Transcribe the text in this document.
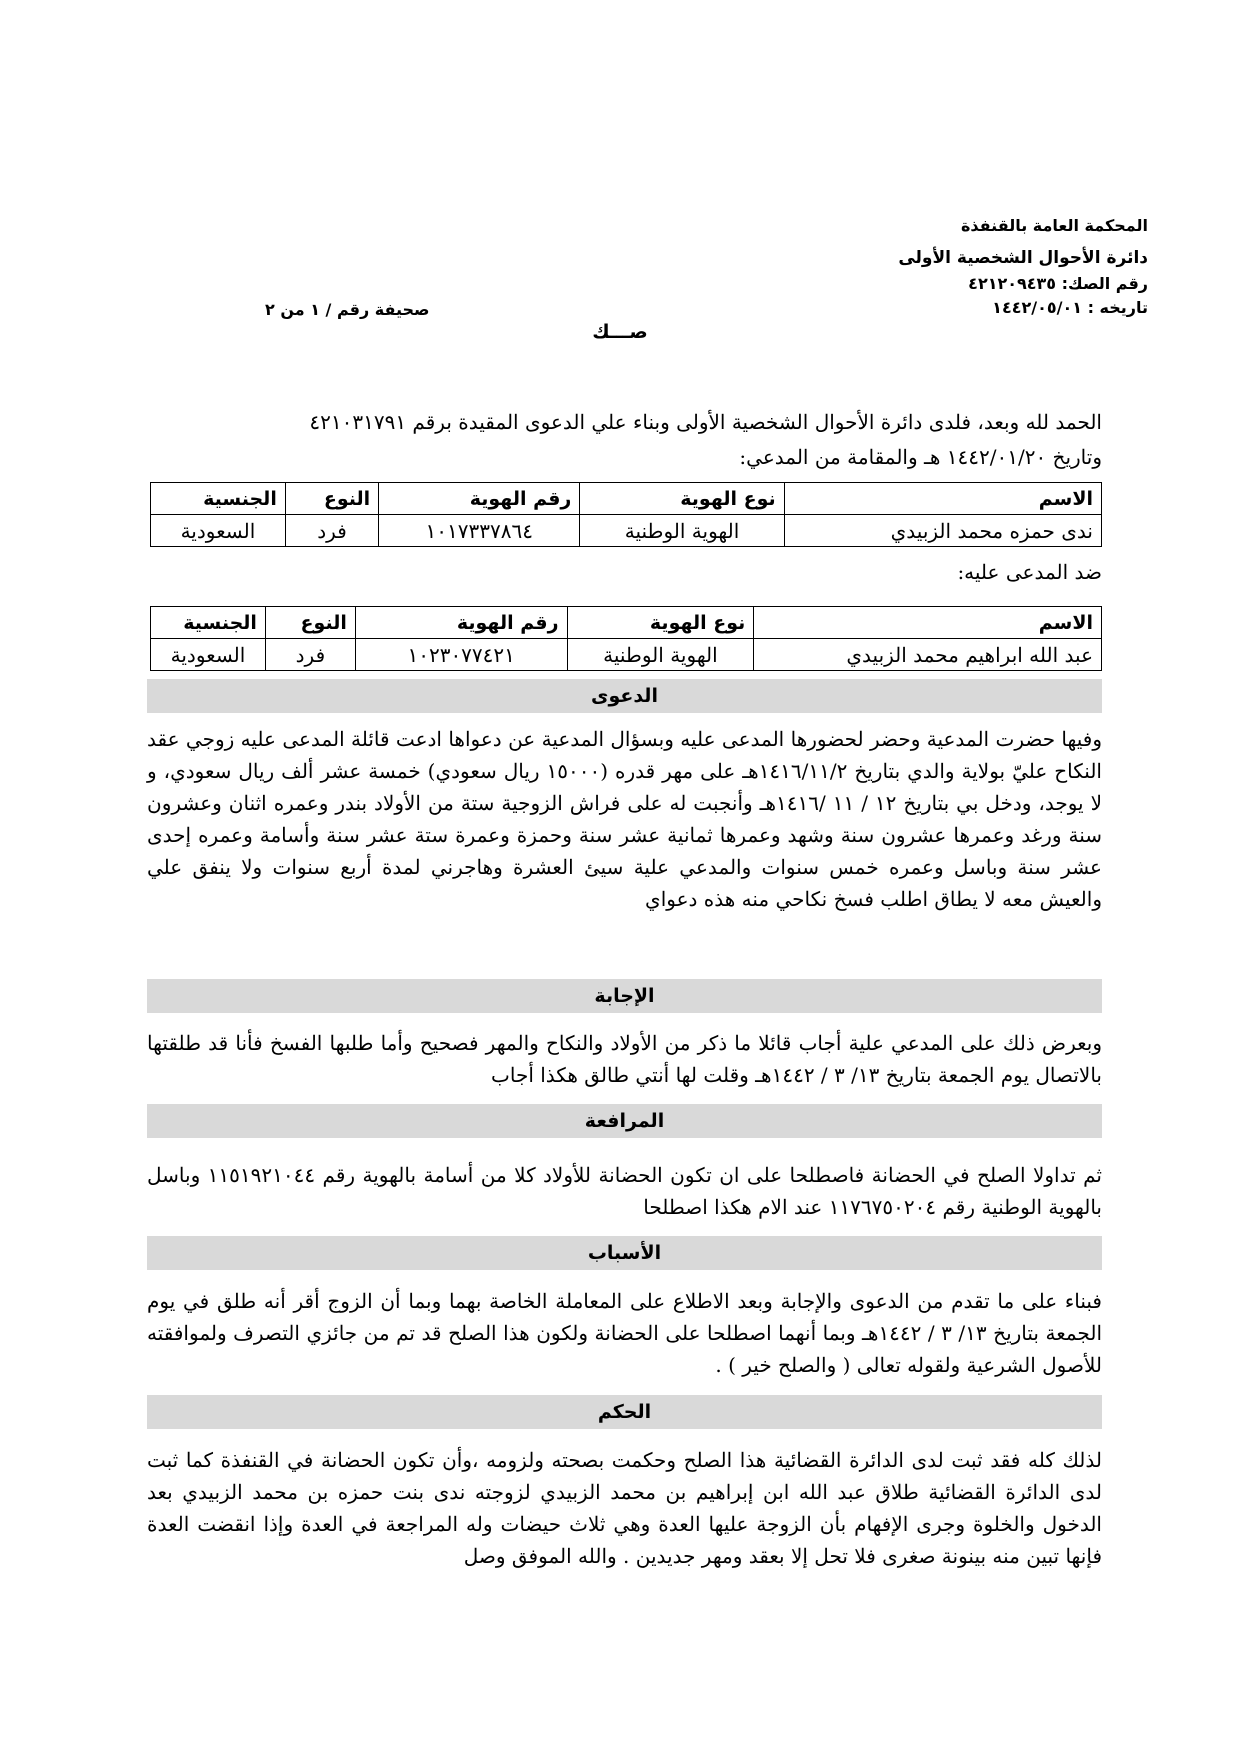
المحكمة العامة بالقنفذة
دائرة الأحوال الشخصية الأولى
رقم الصك: ٤٢١٢٠٩٤٣٥
تاريخه : ١٤٤٢/٠٥/٠١
صحيفة رقم / ١ من ٢
صـــك
الحمد لله وبعد، فلدى دائرة الأحوال الشخصية الأولى وبناء علي الدعوى المقيدة برقم ٤٢١٠٣١٧٩١
وتاريخ ١٤٤٢/٠١/٢٠ هـ والمقامة من المدعي:
الاسم	نوع الهوية	رقم الهوية	النوع	الجنسية
ندى حمزه محمد الزبيدي	الهوية الوطنية	١٠١٧٣٣٧٨٦٤	فرد	السعودية
ضد المدعى عليه:
الاسم	نوع الهوية	رقم الهوية	النوع	الجنسية
عبد الله ابراهيم محمد الزبيدي	الهوية الوطنية	١٠٢٣٠٧٧٤٢١	فرد	السعودية
الدعوى
وفيها حضرت المدعية وحضر لحضورها المدعى عليه وبسؤال المدعية عن دعواها ادعت قائلة المدعى عليه زوجي عقد النكاح عليّ بولاية والدي بتاريخ ١٤١٦/١١/٢هـ على مهر قدره (١٥٠٠٠ ريال سعودي) خمسة عشر ألف ريال سعودي، و لا يوجد، ودخل بي بتاريخ ١٢ / ١١ /١٤١٦هـ وأنجبت له على فراش الزوجية ستة من الأولاد بندر وعمره اثنان وعشرون سنة ورغد وعمرها عشرون سنة وشهد وعمرها ثمانية عشر سنة وحمزة وعمرة ستة عشر سنة وأسامة وعمره إحدى عشر سنة وباسل وعمره خمس سنوات والمدعي علية سيئ العشرة وهاجرني لمدة أربع سنوات ولا ينفق علي والعيش معه لا يطاق اطلب فسخ نكاحي منه هذه دعواي
الإجابة
وبعرض ذلك على المدعي علية أجاب قائلا ما ذكر من الأولاد والنكاح والمهر فصحيح وأما طلبها الفسخ فأنا قد طلقتها بالاتصال يوم الجمعة بتاريخ ١٣/ ٣ / ١٤٤٢هـ وقلت لها أنتي طالق هكذا أجاب
المرافعة
ثم تداولا الصلح في الحضانة فاصطلحا على ان تكون الحضانة للأولاد كلا من أسامة بالهوية رقم ١١٥١٩٢١٠٤٤ وباسل بالهوية الوطنية رقم ١١٧٦٧٥٠٢٠٤ عند الام هكذا اصطلحا
الأسباب
فبناء على ما تقدم من الدعوى والإجابة وبعد الاطلاع على المعاملة الخاصة بهما وبما أن الزوج أقر أنه طلق في يوم الجمعة بتاريخ ١٣/ ٣ / ١٤٤٢هـ وبما أنهما اصطلحا على الحضانة ولكون هذا الصلح قد تم من جائزي التصرف ولموافقته للأصول الشرعية ولقوله تعالى ( والصلح خير ) .
الحكم
لذلك كله فقد ثبت لدى الدائرة القضائية هذا الصلح وحكمت بصحته ولزومه ،وأن تكون الحضانة في القنفذة كما ثبت لدى الدائرة القضائية طلاق عبد الله ابن إبراهيم بن محمد الزبيدي لزوجته ندى بنت حمزه بن محمد الزبيدي بعد الدخول والخلوة وجرى الإفهام بأن الزوجة عليها العدة وهي ثلاث حيضات وله المراجعة في العدة وإذا انقضت العدة فإنها تبين منه بينونة صغرى فلا تحل إلا بعقد ومهر جديدين . والله الموفق وصل
